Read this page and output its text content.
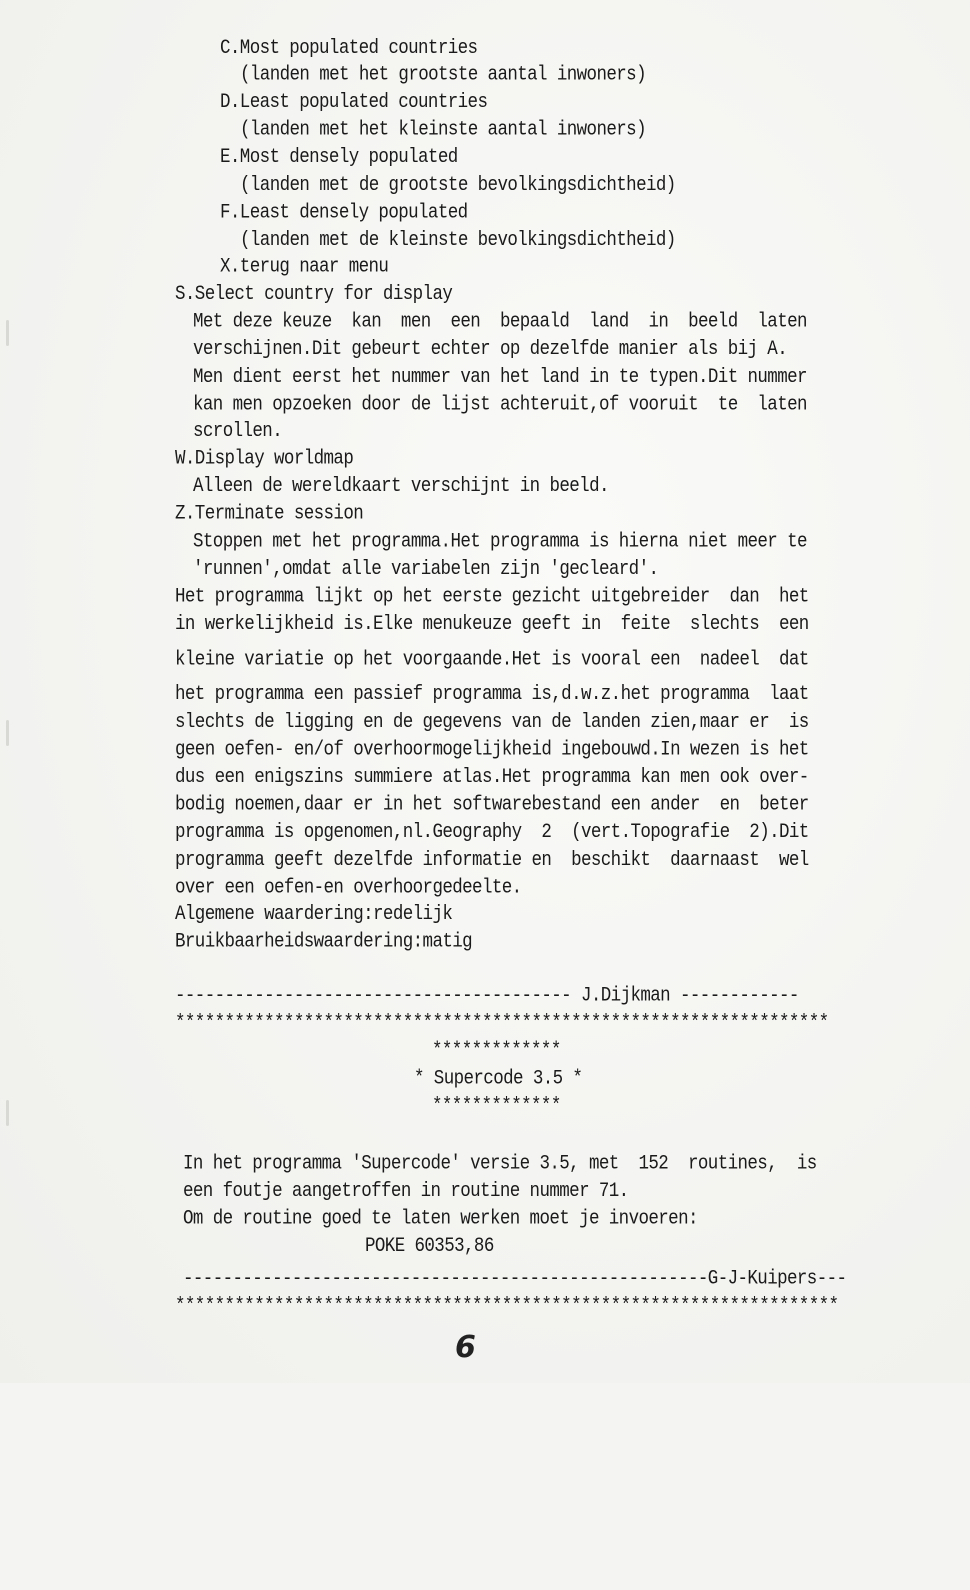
C.Most populated countries
(landen met het grootste aantal inwoners)
D.Least populated countries
(landen met het kleinste aantal inwoners)
E.Most densely populated
(landen met de grootste bevolkingsdichtheid)
F.Least densely populated
(landen met de kleinste bevolkingsdichtheid)
X.terug naar menu
S.Select country for display
Met deze keuze  kan  men  een  bepaald  land  in  beeld  laten
verschijnen.Dit gebeurt echter op dezelfde manier als bij A.
Men dient eerst het nummer van het land in te typen.Dit nummer
kan men opzoeken door de lijst achteruit,of vooruit  te  laten
scrollen.
W.Display worldmap
Alleen de wereldkaart verschijnt in beeld.
Z.Terminate session
Stoppen met het programma.Het programma is hierna niet meer te
'runnen',omdat alle variabelen zijn 'gecleard'.
Het programma lijkt op het eerste gezicht uitgebreider  dan  het
in werkelijkheid is.Elke menukeuze geeft in  feite  slechts  een
kleine variatie op het voorgaande.Het is vooral een  nadeel  dat
het programma een passief programma is,d.w.z.het programma  laat
slechts de ligging en de gegevens van de landen zien,maar er  is
geen oefen- en/of overhoormogelijkheid ingebouwd.In wezen is het
dus een enigszins summiere atlas.Het programma kan men ook over-
bodig noemen,daar er in het softwarebestand een ander  en  beter
programma is opgenomen,nl.Geography  2  (vert.Topografie  2).Dit
programma geeft dezelfde informatie en  beschikt  daarnaast  wel
over een oefen-en overhoorgedeelte.
Algemene waardering:redelijk
Bruikbaarheidswaardering:matig
---------------------------------------- J.Dijkman ------------
******************************************************************
*************
* Supercode 3.5 *
*************
In het programma 'Supercode' versie 3.5, met  152  routines,  is
een foutje aangetroffen in routine nummer 71.
Om de routine goed te laten werken moet je invoeren:
POKE 60353,86
-----------------------------------------------------G-J-Kuipers---
*******************************************************************
6
